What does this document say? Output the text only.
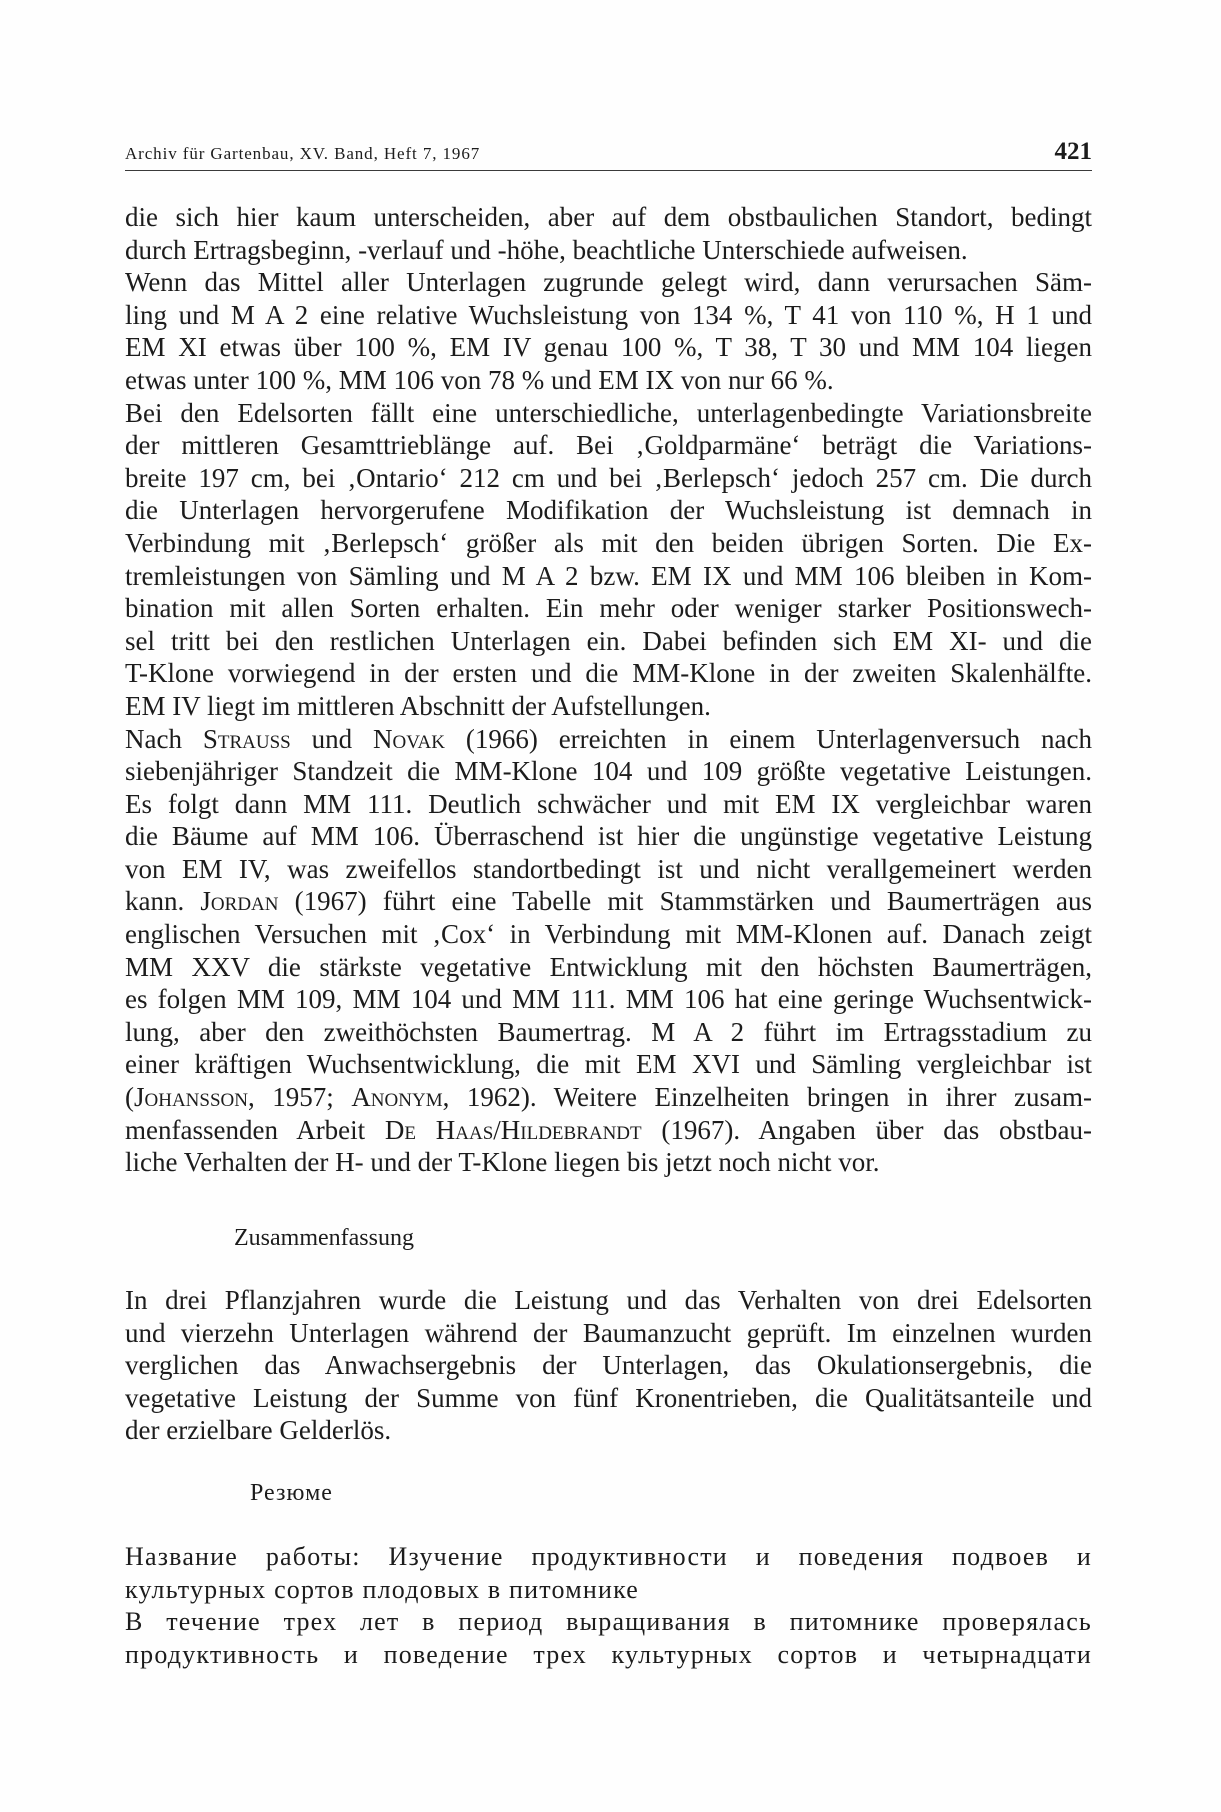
Archiv für Gartenbau, XV. Band, Heft 7, 1967	421
die sich hier kaum unterscheiden, aber auf dem obstbaulichen Standort, bedingt
durch Ertragsbeginn, -verlauf und -höhe, beachtliche Unterschiede aufweisen.
Wenn das Mittel aller Unterlagen zugrunde gelegt wird, dann verursachen Säm-
ling und M A 2 eine relative Wuchsleistung von 134 %, T 41 von 110 %, H 1 und
EM XI etwas über 100 %, EM IV genau 100 %, T 38, T 30 und MM 104 liegen
etwas unter 100 %, MM 106 von 78 % und EM IX von nur 66 %.
Bei den Edelsorten fällt eine unterschiedliche, unterlagenbedingte Variationsbreite
der mittleren Gesamttrieblänge auf. Bei ‚Goldparmäne‘ beträgt die Variations-
breite 197 cm, bei ‚Ontario‘ 212 cm und bei ‚Berlepsch‘ jedoch 257 cm. Die durch
die Unterlagen hervorgerufene Modifikation der Wuchsleistung ist demnach in
Verbindung mit ‚Berlepsch‘ größer als mit den beiden übrigen Sorten. Die Ex-
tremleistungen von Sämling und M A 2 bzw. EM IX und MM 106 bleiben in Kom-
bination mit allen Sorten erhalten. Ein mehr oder weniger starker Positionswech-
sel tritt bei den restlichen Unterlagen ein. Dabei befinden sich EM XI- und die
T-Klone vorwiegend in der ersten und die MM-Klone in der zweiten Skalenhälfte.
EM IV liegt im mittleren Abschnitt der Aufstellungen.
Nach Strauss und Novak (1966) erreichten in einem Unterlagenversuch nach
siebenjähriger Standzeit die MM-Klone 104 und 109 größte vegetative Leistungen.
Es folgt dann MM 111. Deutlich schwächer und mit EM IX vergleichbar waren
die Bäume auf MM 106. Überraschend ist hier die ungünstige vegetative Leistung
von EM IV, was zweifellos standortbedingt ist und nicht verallgemeinert werden
kann. Jordan (1967) führt eine Tabelle mit Stammstärken und Baumerträgen aus
englischen Versuchen mit ‚Cox‘ in Verbindung mit MM-Klonen auf. Danach zeigt
MM XXV die stärkste vegetative Entwicklung mit den höchsten Baumerträgen,
es folgen MM 109, MM 104 und MM 111. MM 106 hat eine geringe Wuchsentwick-
lung, aber den zweithöchsten Baumertrag. M A 2 führt im Ertragsstadium zu
einer kräftigen Wuchsentwicklung, die mit EM XVI und Sämling vergleichbar ist
(Johansson, 1957; Anonym, 1962). Weitere Einzelheiten bringen in ihrer zusam-
menfassenden Arbeit De Haas/Hildebrandt (1967). Angaben über das obstbau-
liche Verhalten der H- und der T-Klone liegen bis jetzt noch nicht vor.
Zusammenfassung
In drei Pflanzjahren wurde die Leistung und das Verhalten von drei Edelsorten
und vierzehn Unterlagen während der Baumanzucht geprüft. Im einzelnen wurden
verglichen das Anwachsergebnis der Unterlagen, das Okulationsergebnis, die
vegetative Leistung der Summe von fünf Kronentrieben, die Qualitätsanteile und
der erzielbare Gelderlös.
Резюме
Название работы: Изучение продуктивности и поведения подвоев и
культурных сортов плодовых в питомнике
В течение трех лет в период выращивания в питомнике проверялась
продуктивность и поведение трех культурных сортов и четырнадцати
